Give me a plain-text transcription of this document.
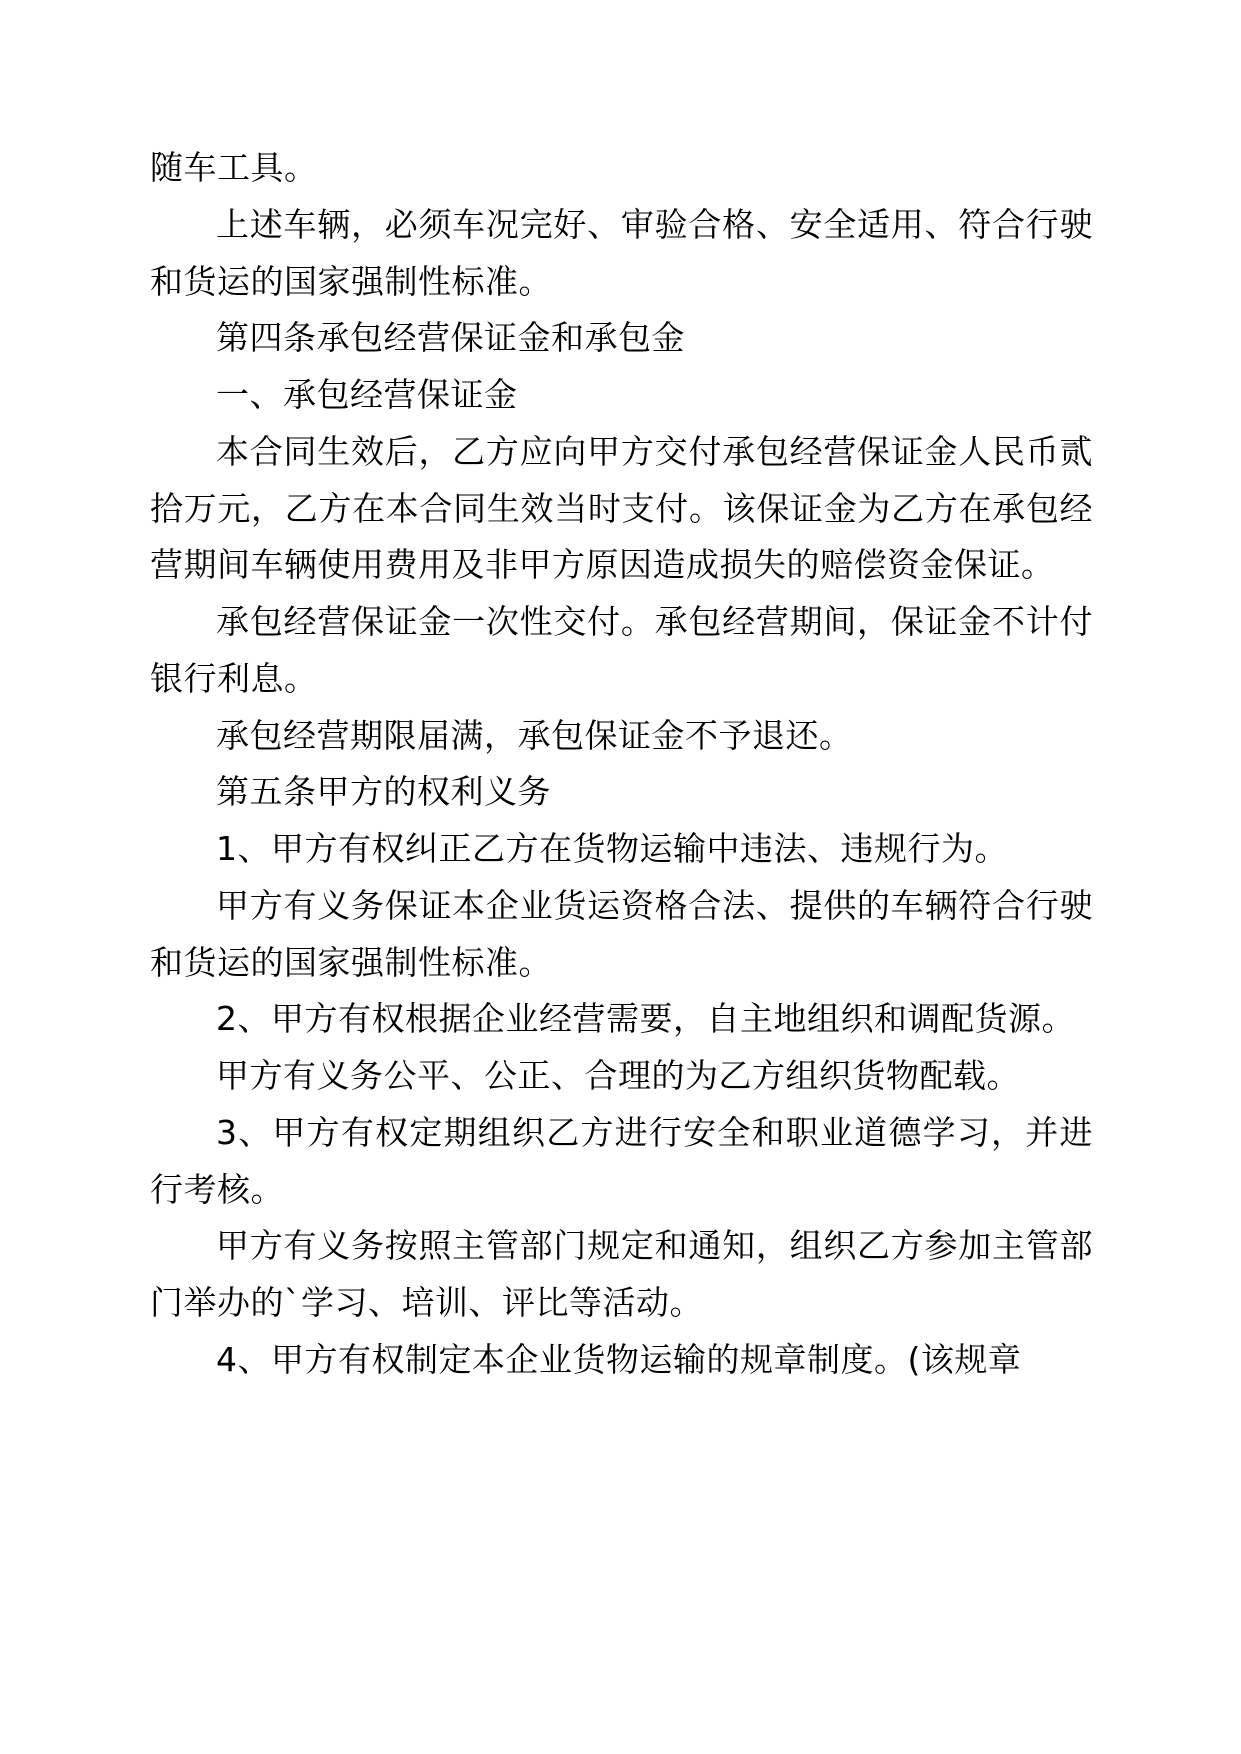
随车工具。

上述车辆，必须车况完好、审验合格、安全适用、符合行驶和货运的国家强制性标准。

第四条承包经营保证金和承包金

一、承包经营保证金

本合同生效后，乙方应向甲方交付承包经营保证金人民币贰拾万元，乙方在本合同生效当时支付。该保证金为乙方在承包经营期间车辆使用费用及非甲方原因造成损失的赔偿资金保证。

承包经营保证金一次性交付。承包经营期间，保证金不计付银行利息。

承包经营期限届满，承包保证金不予退还。

第五条甲方的权利义务

1、甲方有权纠正乙方在货物运输中违法、违规行为。

甲方有义务保证本企业货运资格合法、提供的车辆符合行驶和货运的国家强制性标准。

2、甲方有权根据企业经营需要，自主地组织和调配货源。

甲方有义务公平、公正、合理的为乙方组织货物配载。

3、甲方有权定期组织乙方进行安全和职业道德学习，并进行考核。

甲方有义务按照主管部门规定和通知，组织乙方参加主管部门举办的`学习、培训、评比等活动。

4、甲方有权制定本企业货物运输的规章制度。(该规章
